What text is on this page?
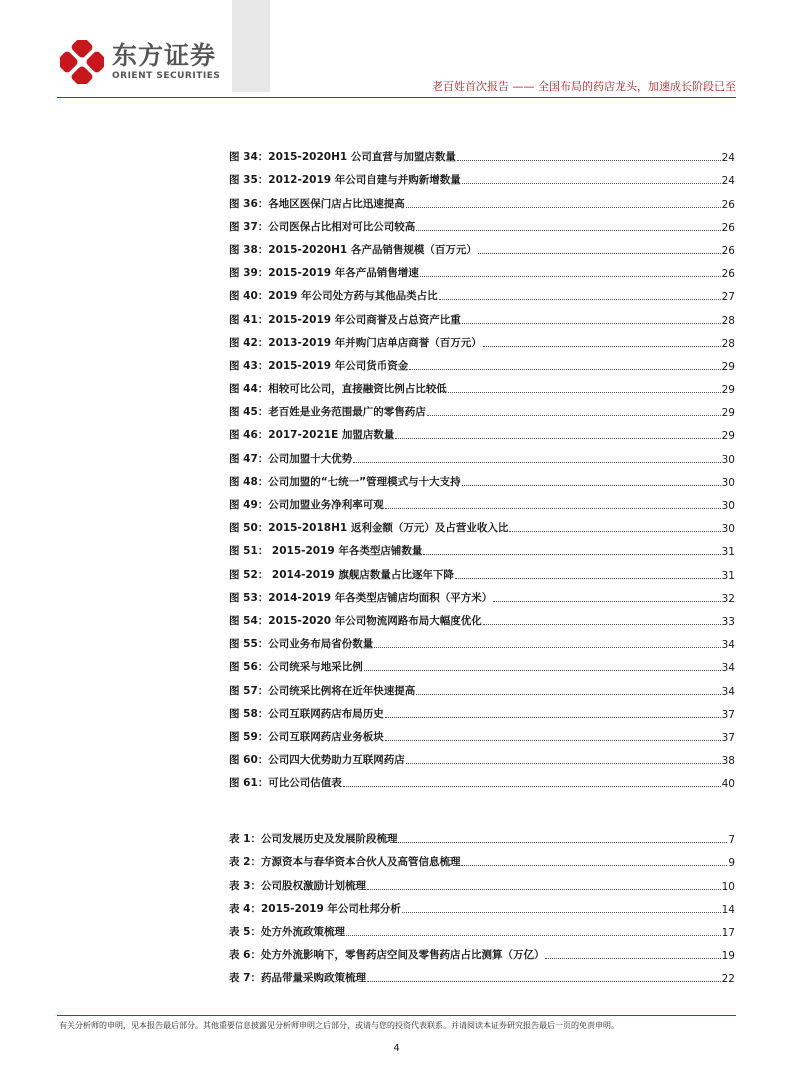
东方证券
ORIENT SECURITIES
老百姓首次报告 —— 全国布局的药店龙头，加速成长阶段已至
图 34：2015-2020H1 公司直营与加盟店数量	24
图 35：2012-2019 年公司自建与并购新增数量	24
图 36：各地区医保门店占比迅速提高	26
图 37：公司医保占比相对可比公司较高	26
图 38：2015-2020H1 各产品销售规模（百万元）	26
图 39：2015-2019 年各产品销售增速	26
图 40：2019 年公司处方药与其他品类占比	27
图 41：2015-2019 年公司商誉及占总资产比重	28
图 42：2013-2019 年并购门店单店商誉（百万元）	28
图 43：2015-2019 年公司货币资金	29
图 44：相较可比公司，直接融资比例占比较低	29
图 45：老百姓是业务范围最广的零售药店	29
图 46：2017-2021E 加盟店数量	29
图 47：公司加盟十大优势	30
图 48：公司加盟的“七统一”管理模式与十大支持	30
图 49：公司加盟业务净利率可观	30
图 50：2015-2018H1 返利金额（万元）及占营业收入比	30
图 51： 2015-2019 年各类型店铺数量	31
图 52： 2014-2019 旗舰店数量占比逐年下降	31
图 53：2014-2019 年各类型店铺店均面积（平方米）	32
图 54：2015-2020 年公司物流网路布局大幅度优化	33
图 55：公司业务布局省份数量	34
图 56：公司统采与地采比例	34
图 57：公司统采比例将在近年快速提高	34
图 58：公司互联网药店布局历史	37
图 59：公司互联网药店业务板块	37
图 60：公司四大优势助力互联网药店	38
图 61：可比公司估值表	40
表 1：公司发展历史及发展阶段梳理	7
表 2：方源资本与春华资本合伙人及高管信息梳理	9
表 3：公司股权激励计划梳理	10
表 4：2015-2019 年公司杜邦分析	14
表 5：处方外流政策梳理	17
表 6：处方外流影响下，零售药店空间及零售药店占比测算（万亿）	19
表 7：药品带量采购政策梳理	22
有关分析师的申明，见本报告最后部分。其他重要信息披露见分析师申明之后部分，或请与您的投资代表联系。并请阅读本证券研究报告最后一页的免责申明。
4
